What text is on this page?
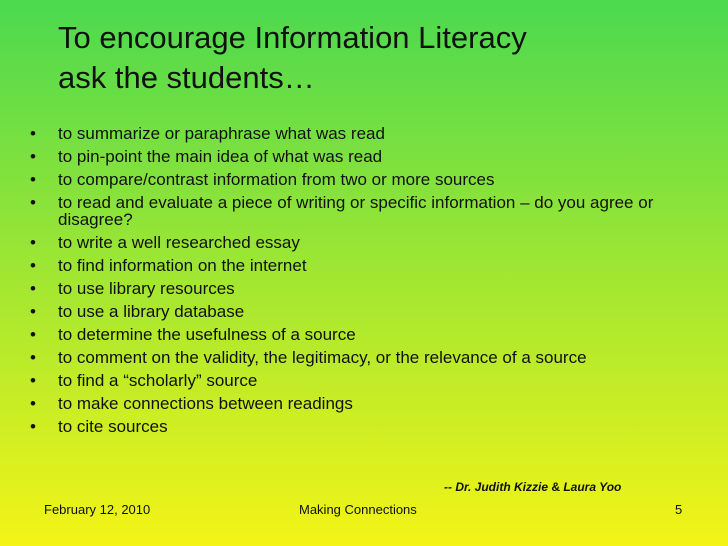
To encourage Information Literacy
ask the students…
•	to summarize or paraphrase what was read
•	to pin-point the main idea of what was read
•	to compare/contrast information from two or more sources
•	to read and evaluate a piece of writing or specific information – do you agree or disagree?
•	to write a well researched essay
•	to find information on the internet
•	to use library resources
•	to use a library database
•	to determine the usefulness of a source
•	to comment on the validity, the legitimacy, or the relevance of a source
•	to find a “scholarly” source
•	to make connections between readings
•	to cite sources
-- Dr. Judith Kizzie & Laura Yoo
February 12, 2010	Making Connections	5
